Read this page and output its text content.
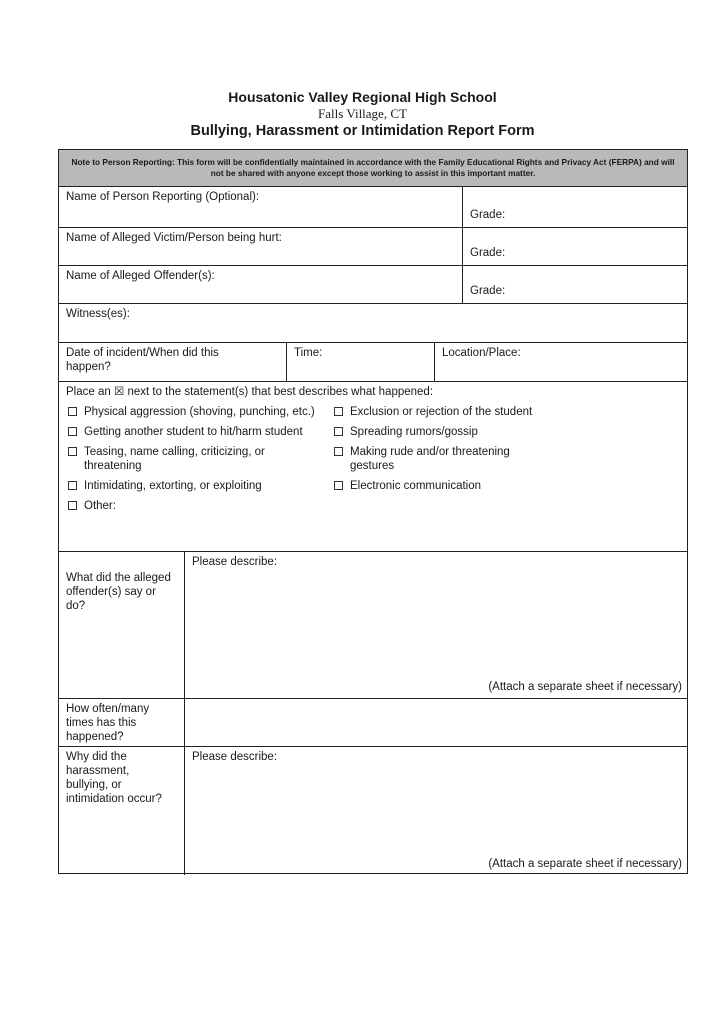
Housatonic Valley Regional High School
Falls Village, CT
Bullying, Harassment or Intimidation Report Form
Note to Person Reporting: This form will be confidentially maintained in accordance with the Family Educational Rights and Privacy Act (FERPA) and will not be shared with anyone except those working to assist in this important matter.
Name of Person Reporting (Optional):
Grade:
Name of Alleged Victim/Person being hurt:
Grade:
Name of Alleged Offender(s):
Grade:
Witness(es):
Date of incident/When did this happen?
Time:	Location/Place:
Place an ☒ next to the statement(s) that best describes what happened:
Physical aggression (shoving, punching, etc.)
Getting another student to hit/harm student
Teasing, name calling, criticizing, or threatening
Intimidating, extorting, or exploiting
Other:
Exclusion or rejection of the student
Spreading rumors/gossip
Making rude and/or threatening gestures
Electronic communication
What did the alleged offender(s) say or do?
Please describe:
(Attach a separate sheet if necessary)
How often/many times has this happened?
Why did the harassment, bullying, or intimidation occur?
Please describe:
(Attach a separate sheet if necessary)
